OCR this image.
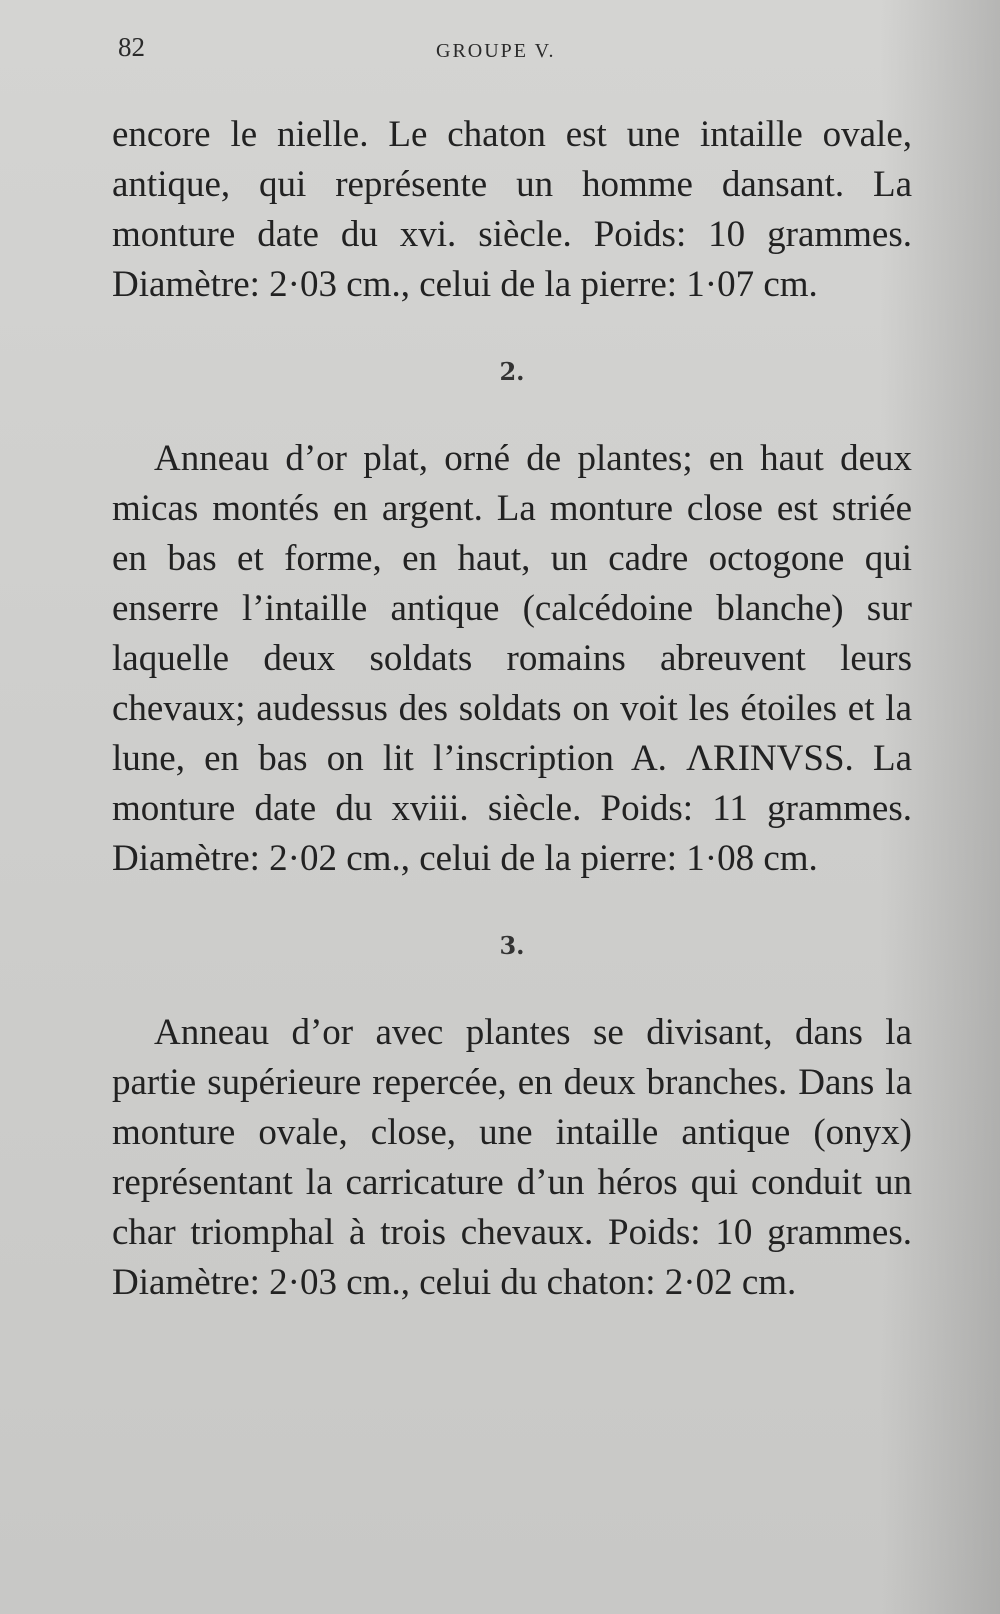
82	GROUPE V.

encore le nielle. Le chaton est une intaille ovale, antique, qui représente un homme dansant. La monture date du xvi. siècle. Poids: 10 grammes. Diamètre: 2·03 cm., celui de la pierre: 1·07 cm.

2.

Anneau d’or plat, orné de plantes; en haut deux micas montés en argent. La monture close est striée en bas et forme, en haut, un cadre octogone qui enserre l’intaille antique (calcédoine blanche) sur laquelle deux soldats romains abreuvent leurs chevaux; audessus des soldats on voit les étoiles et la lune, en bas on lit l’inscription A. ΛRINVSS. La monture date du xviii. siècle. Poids: 11 grammes. Diamètre: 2·02 cm., celui de la pierre: 1·08 cm.

3.

Anneau d’or avec plantes se divisant, dans la partie supérieure repercée, en deux branches. Dans la monture ovale, close, une intaille antique (onyx) représentant la carricature d’un héros qui conduit un char triomphal à trois chevaux. Poids: 10 grammes. Diamètre: 2·03 cm., celui du chaton: 2·02 cm.
